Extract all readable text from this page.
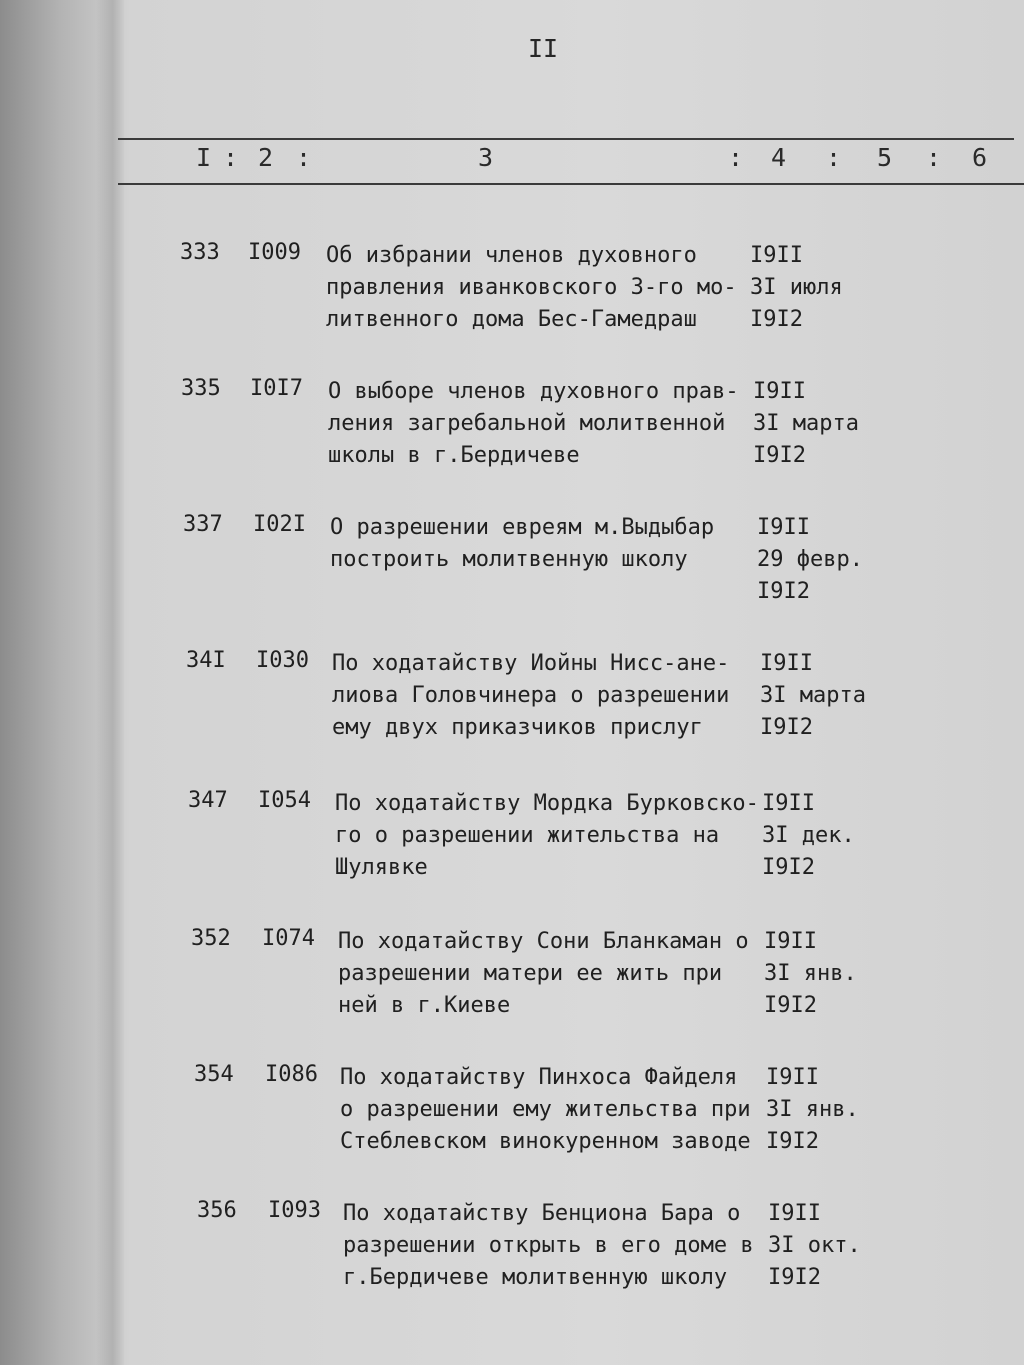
II
I : 2 :	3	: 4 : 5 : 6
333 I009 Об избрании членов духовного
правления иванковского 3-го мо-
литвенного дома Бес-Гамедраш
I9II
3I июля
I9I2
335 I0I7 О выборе членов духовного прав-
ления загребальной молитвенной
школы в г.Бердичеве
I9II
3I марта
I9I2
337 I02I О разрешении евреям м.Выдыбар
построить молитвенную школу
I9II
29 февр.
I9I2
34I I030 По ходатайству Иойны Нисс-ане-
лиова Головчинера о разрешении
ему двух приказчиков прислуг
I9II
3I марта
I9I2
347 I054 По ходатайству Мордка Бурковско-
го о разрешении жительства на
Шулявке
I9II
3I дек.
I9I2
352 I074 По ходатайству Сони Бланкаман о
разрешении матери ее жить при
ней в г.Киеве
I9II
3I янв.
I9I2
354 I086 По ходатайству Пинхоса Файделя
о разрешении ему жительства при
Стеблевском винокуренном заводе
I9II
3I янв.
I9I2
356 I093 По ходатайству Бенциона Бара о
разрешении открыть в его доме в
г.Бердичеве молитвенную школу
I9II
3I окт.
I9I2
